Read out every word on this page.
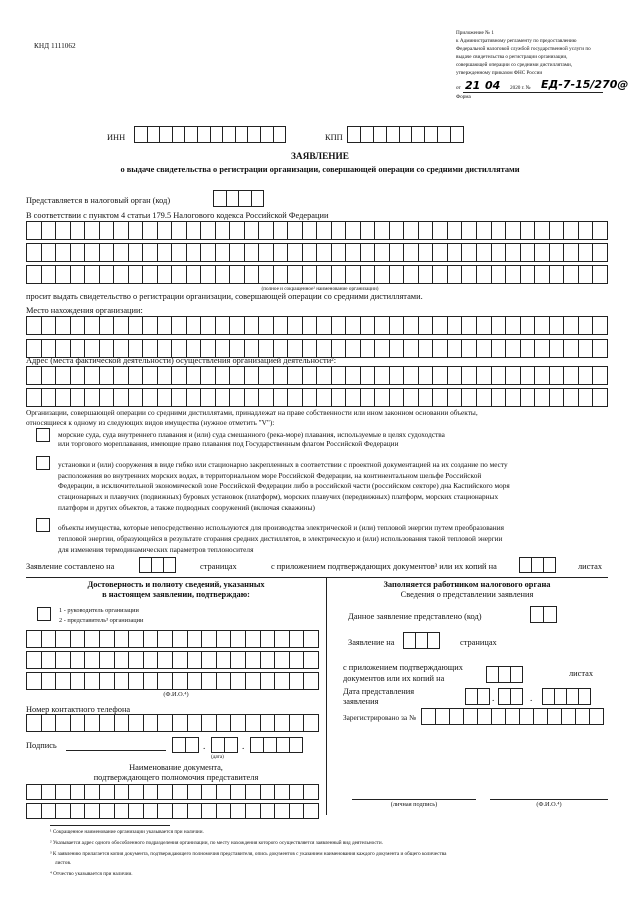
КНД 1111062
Приложение № 1
к Административному регламенту по предоставлению
Федеральной налоговой службой государственной услуги по
выдаче свидетельства о регистрации организации,
совершающей операции со средними дистиллятами,
утвержденному приказом ФНС России
от 21 04 2020 г. № ЕД-7-15/270@
Форма
ИНН	КПП
ЗАЯВЛЕНИЕ
о выдаче свидетельства о регистрации организации, совершающей операции со средними дистиллятами
Представляется в налоговый орган (код)
В соответствии с пунктом 4 статьи 179.5 Налогового кодекса Российской Федерации
(полное и сокращенное¹ наименование организации)
просит выдать свидетельство о регистрации организации, совершающей операции со средними дистиллятами.
Место нахождения организации:
Адрес (места фактической деятельности) осуществления организацией деятельности²:
Организации, совершающей операции со средними дистиллятами, принадлежат на праве собственности или ином законном основании объекты,
относящиеся к одному из следующих видов имущества (нужное отметить "V"):
морские суда, суда внутреннего плавания и (или) суда смешанного (река-море) плавания, используемые в целях судоходства
или торгового мореплавания, имеющие право плавания под Государственным флагом Российской Федерации
установки и (или) сооружения в виде гибко или стационарно закрепленных в соответствии с проектной документацией на их создание по месту
расположения во внутренних морских водах, в территориальном море Российской Федерации, на континентальном шельфе Российской
Федерации, в исключительной экономической зоне Российской Федерации либо в российской части (российском секторе) дна Каспийского моря
стационарных и плавучих (подвижных) буровых установок (платформ), морских плавучих (передвижных) платформ, морских стационарных
платформ и других объектов, а также подводных сооружений (включая скважины)
объекты имущества, которые непосредственно используются для производства электрической и (или) тепловой энергии путем преобразования
тепловой энергии, образующейся в результате сгорания средних дистиллятов, в электрическую и (или) использования такой тепловой энергии
для изменения термодинамических параметров теплоносителя
Заявление составлено на	страницах	с приложением подтверждающих документов³ или их копий на	листах
Достоверность и полноту сведений, указанных
в настоящем заявлении, подтверждаю:
1 - руководитель организации
2 - представитель³ организации
(Ф.И.О.⁴)
Номер контактного телефона
Подпись	.	.
(дата)
Наименование документа,
подтверждающего полномочия представителя
Заполняется работником налогового органа
Сведения о представлении заявления
Данное заявление представлено (код)
Заявление на	страницах
с приложением подтверждающих
документов или их копий на
листах
Дата представления
заявления	.	.
Зарегистрировано за №
(личная подпись)	(Ф.И.О.⁴)
¹ Сокращенное наименование организации указывается при наличии.
² Указывается адрес одного обособленного подразделения организации, по месту нахождения которого осуществляется заявленный вид деятельности.
³ К заявлению прилагается копия документа, подтверждающего полномочия представителя, опись документов с указанием наименования каждого документа и общего количества
листов.
⁴ Отчество указывается при наличии.
